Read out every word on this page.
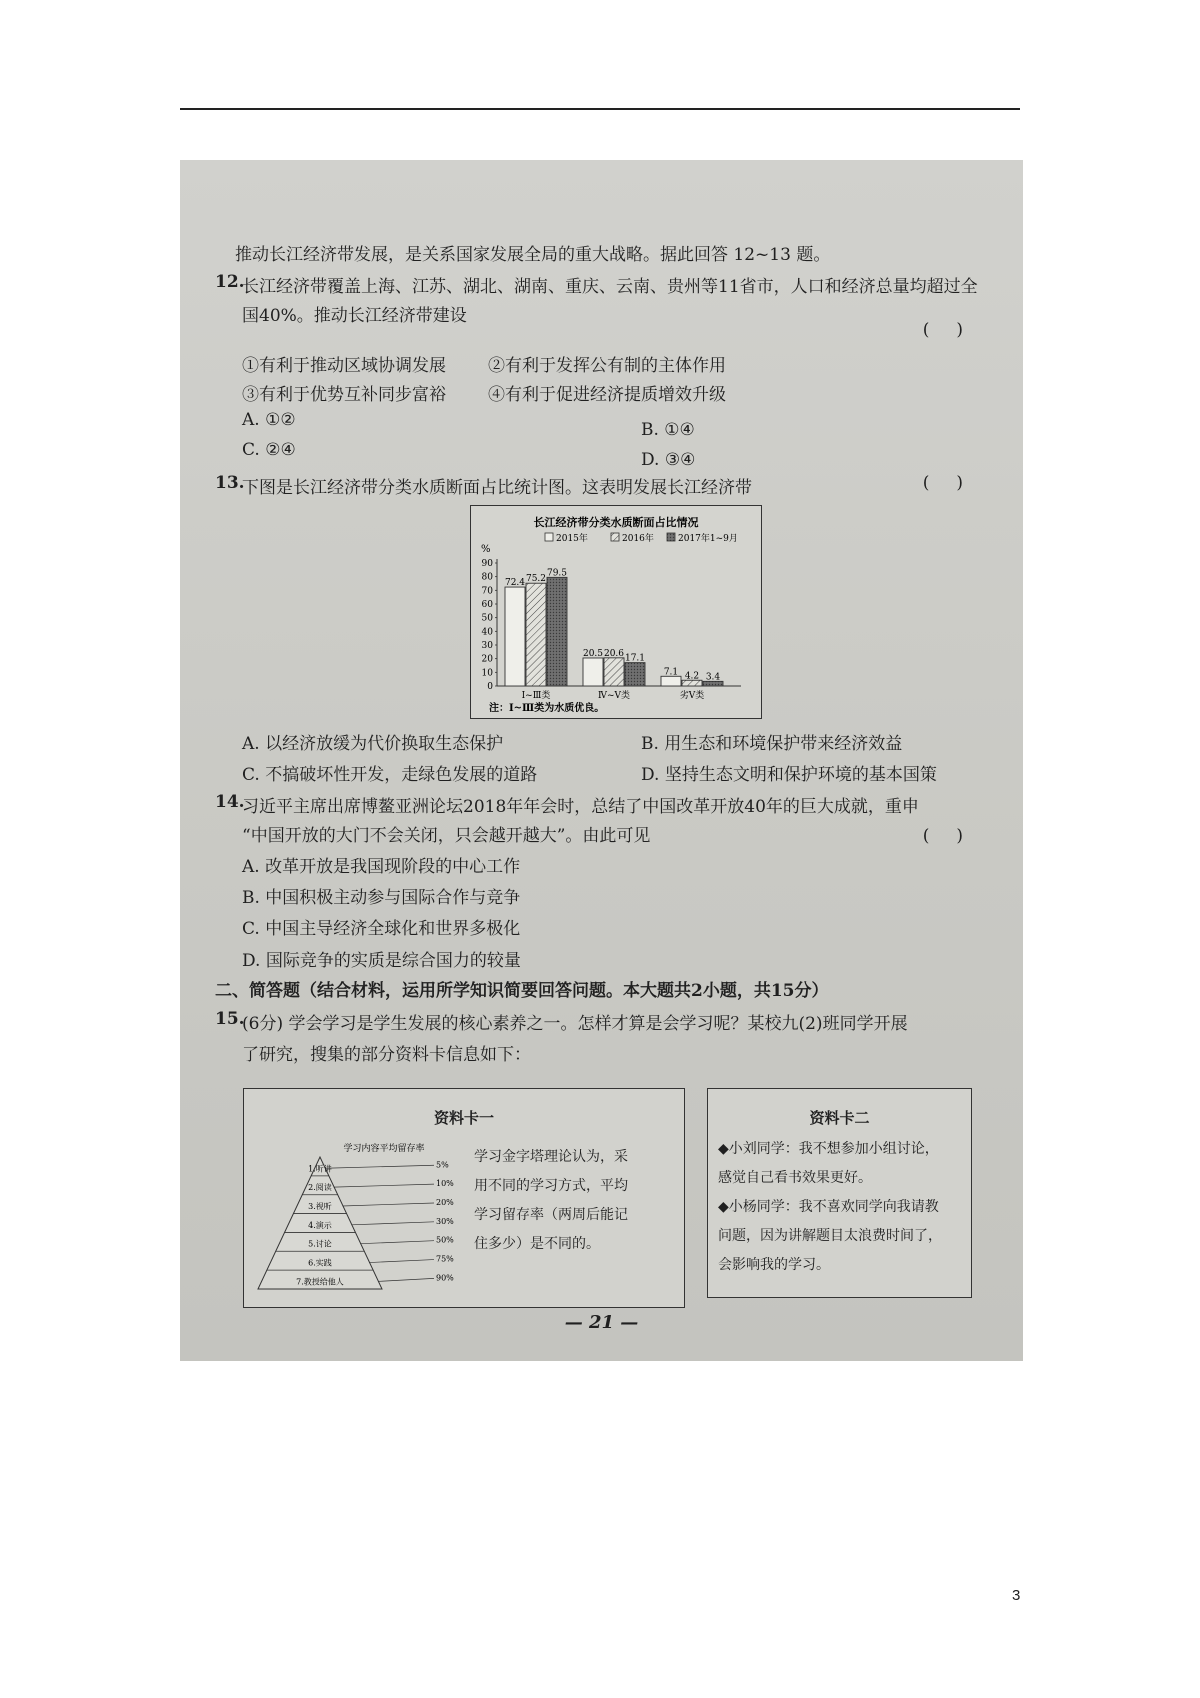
推动长江经济带发展，是关系国家发展全局的重大战略。据此回答 12~13 题。
12.
长江经济带覆盖上海、江苏、湖北、湖南、重庆、云南、贵州等11省市，人口和经济总量均超过全
国40%。推动长江经济带建设
(     )
①有利于推动区域协调发展 ②有利于发挥公有制的主体作用
③有利于优势互补同步富裕 ④有利于促进经济提质增效升级
A. ①②	B. ①④
C. ②④	D. ③④
13.
下图是长江经济带分类水质断面占比统计图。这表明发展长江经济带	(     )
长江经济带分类水质断面占比情况
2015年	2016年	2017年1~9月
%
0
10
20
30
40
50
60
70
80
90
72.4 75.2
79.5
Ⅰ~Ⅲ类
20.5 20.6 17.1
Ⅳ~Ⅴ类
7.1 4.2 3.4
劣Ⅴ类
注：Ⅰ~Ⅲ类为水质优良。
A. 以经济放缓为代价换取生态保护	B. 用生态和环境保护带来经济效益
C. 不搞破坏性开发，走绿色发展的道路	D. 坚持生态文明和保护环境的基本国策
14.
习近平主席出席博鳌亚洲论坛2018年年会时，总结了中国改革开放40年的巨大成就，重申
“中国开放的大门不会关闭，只会越开越大”。由此可见	(     )
A. 改革开放是我国现阶段的中心工作
B. 中国积极主动参与国际合作与竞争
C. 中国主导经济全球化和世界多极化
D. 国际竞争的实质是综合国力的较量
二、简答题（结合材料，运用所学知识简要回答问题。本大题共2小题，共15分）
15.
(6分) 学会学习是学生发展的核心素养之一。怎样才算是会学习呢？某校九(2)班同学开展
了研究，搜集的部分资料卡信息如下：
资料卡一
学习内容平均留存率
1.听讲	5%
2.阅读	10%
3.视听	20%
4.演示	30%
5.讨论	50%
6.实践	75%
7.教授给他人	90%
学习金字塔理论认为，采
用不同的学习方式，平均
学习留存率（两周后能记
住多少）是不同的。
资料卡二
◆小刘同学：我不想参加小组讨论，
感觉自己看书效果更好。
◆小杨同学：我不喜欢同学向我请教
问题，因为讲解题目太浪费时间了，
会影响我的学习。
— 21 —
3
